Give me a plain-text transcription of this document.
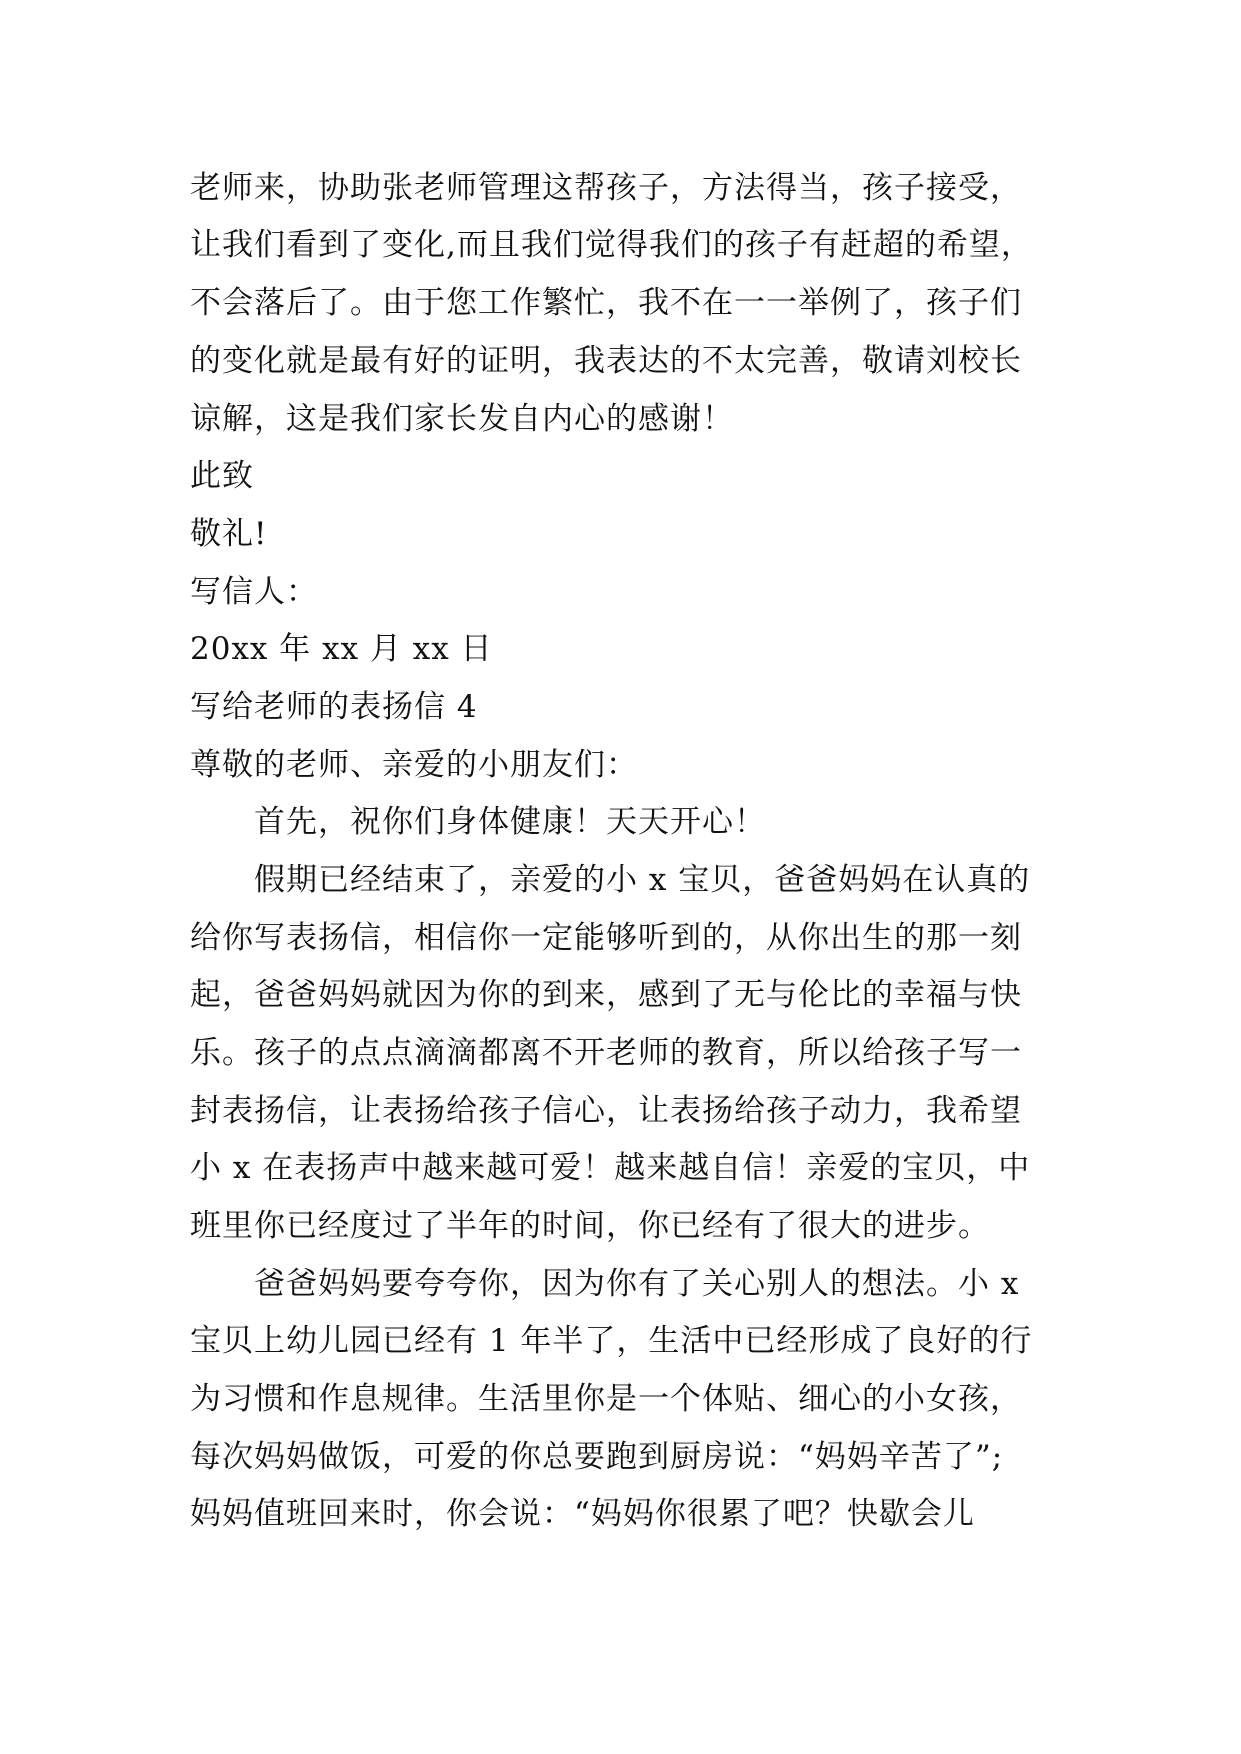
老师来，协助张老师管理这帮孩子，方法得当，孩子接受，
让我们看到了变化,而且我们觉得我们的孩子有赶超的希望，
不会落后了。由于您工作繁忙，我不在一一举例了，孩子们
的变化就是最有好的证明，我表达的不太完善，敬请刘校长
谅解，这是我们家长发自内心的感谢！
此致
敬礼!
写信人：
20xx 年 xx 月 xx 日
写给老师的表扬信 4
尊敬的老师、亲爱的小朋友们：
首先，祝你们身体健康！天天开心！
假期已经结束了，亲爱的小 x 宝贝，爸爸妈妈在认真的
给你写表扬信，相信你一定能够听到的，从你出生的那一刻
起，爸爸妈妈就因为你的到来，感到了无与伦比的幸福与快
乐。孩子的点点滴滴都离不开老师的教育，所以给孩子写一
封表扬信，让表扬给孩子信心，让表扬给孩子动力，我希望
小 x 在表扬声中越来越可爱！越来越自信！亲爱的宝贝，中
班里你已经度过了半年的时间，你已经有了很大的进步。
爸爸妈妈要夸夸你，因为你有了关心别人的想法。小 x
宝贝上幼儿园已经有 1 年半了，生活中已经形成了良好的行
为习惯和作息规律。生活里你是一个体贴、细心的小女孩，
每次妈妈做饭，可爱的你总要跑到厨房说：“妈妈辛苦了”;
妈妈值班回来时，你会说：“妈妈你很累了吧？快歇会儿
